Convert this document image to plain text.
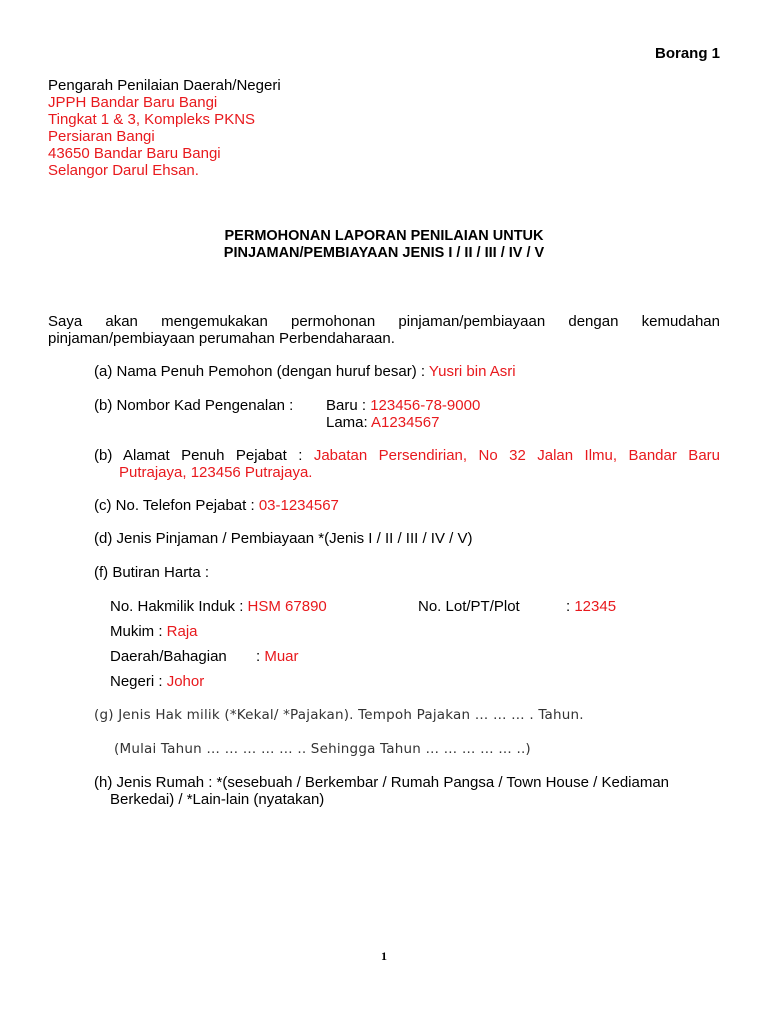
Borang 1
Pengarah Penilaian Daerah/Negeri
JPPH Bandar Baru Bangi
Tingkat 1 & 3, Kompleks PKNS
Persiaran Bangi
43650 Bandar Baru Bangi
Selangor Darul Ehsan.
PERMOHONAN LAPORAN PENILAIAN UNTUK
PINJAMAN/PEMBIAYAAN JENIS I / II / III / IV / V
Saya akan mengemukakan permohonan pinjaman/pembiayaan dengan kemudahan
pinjaman/pembiayaan perumahan Perbendaharaan.
(a) Nama Penuh Pemohon (dengan huruf besar) : Yusri bin Asri
(b) Nombor Kad Pengenalan : Baru : 123456-78-9000
Lama: A1234567
(b) Alamat Penuh Pejabat : Jabatan Persendirian, No 32 Jalan Ilmu, Bandar Baru
Putrajaya, 123456 Putrajaya.
(c) No. Telefon Pejabat : 03-1234567
(d) Jenis Pinjaman / Pembiayaan *(Jenis I / II / III / IV / V)
(f) Butiran Harta :
No. Hakmilik Induk : HSM 67890	No. Lot/PT/Plot	: 12345
Mukim : Raja
Daerah/Bahagian : Muar
Negeri : Johor
(g) Jenis Hak milik (*Kekal/ *Pajakan). Tempoh Pajakan … … … . Tahun.
(Mulai Tahun … … … … … .. Sehingga Tahun … … … … … ..)
(h) Jenis Rumah : *(sesebuah / Berkembar / Rumah Pangsa / Town House / Kediaman
Berkedai) / *Lain-lain (nyatakan)
1
